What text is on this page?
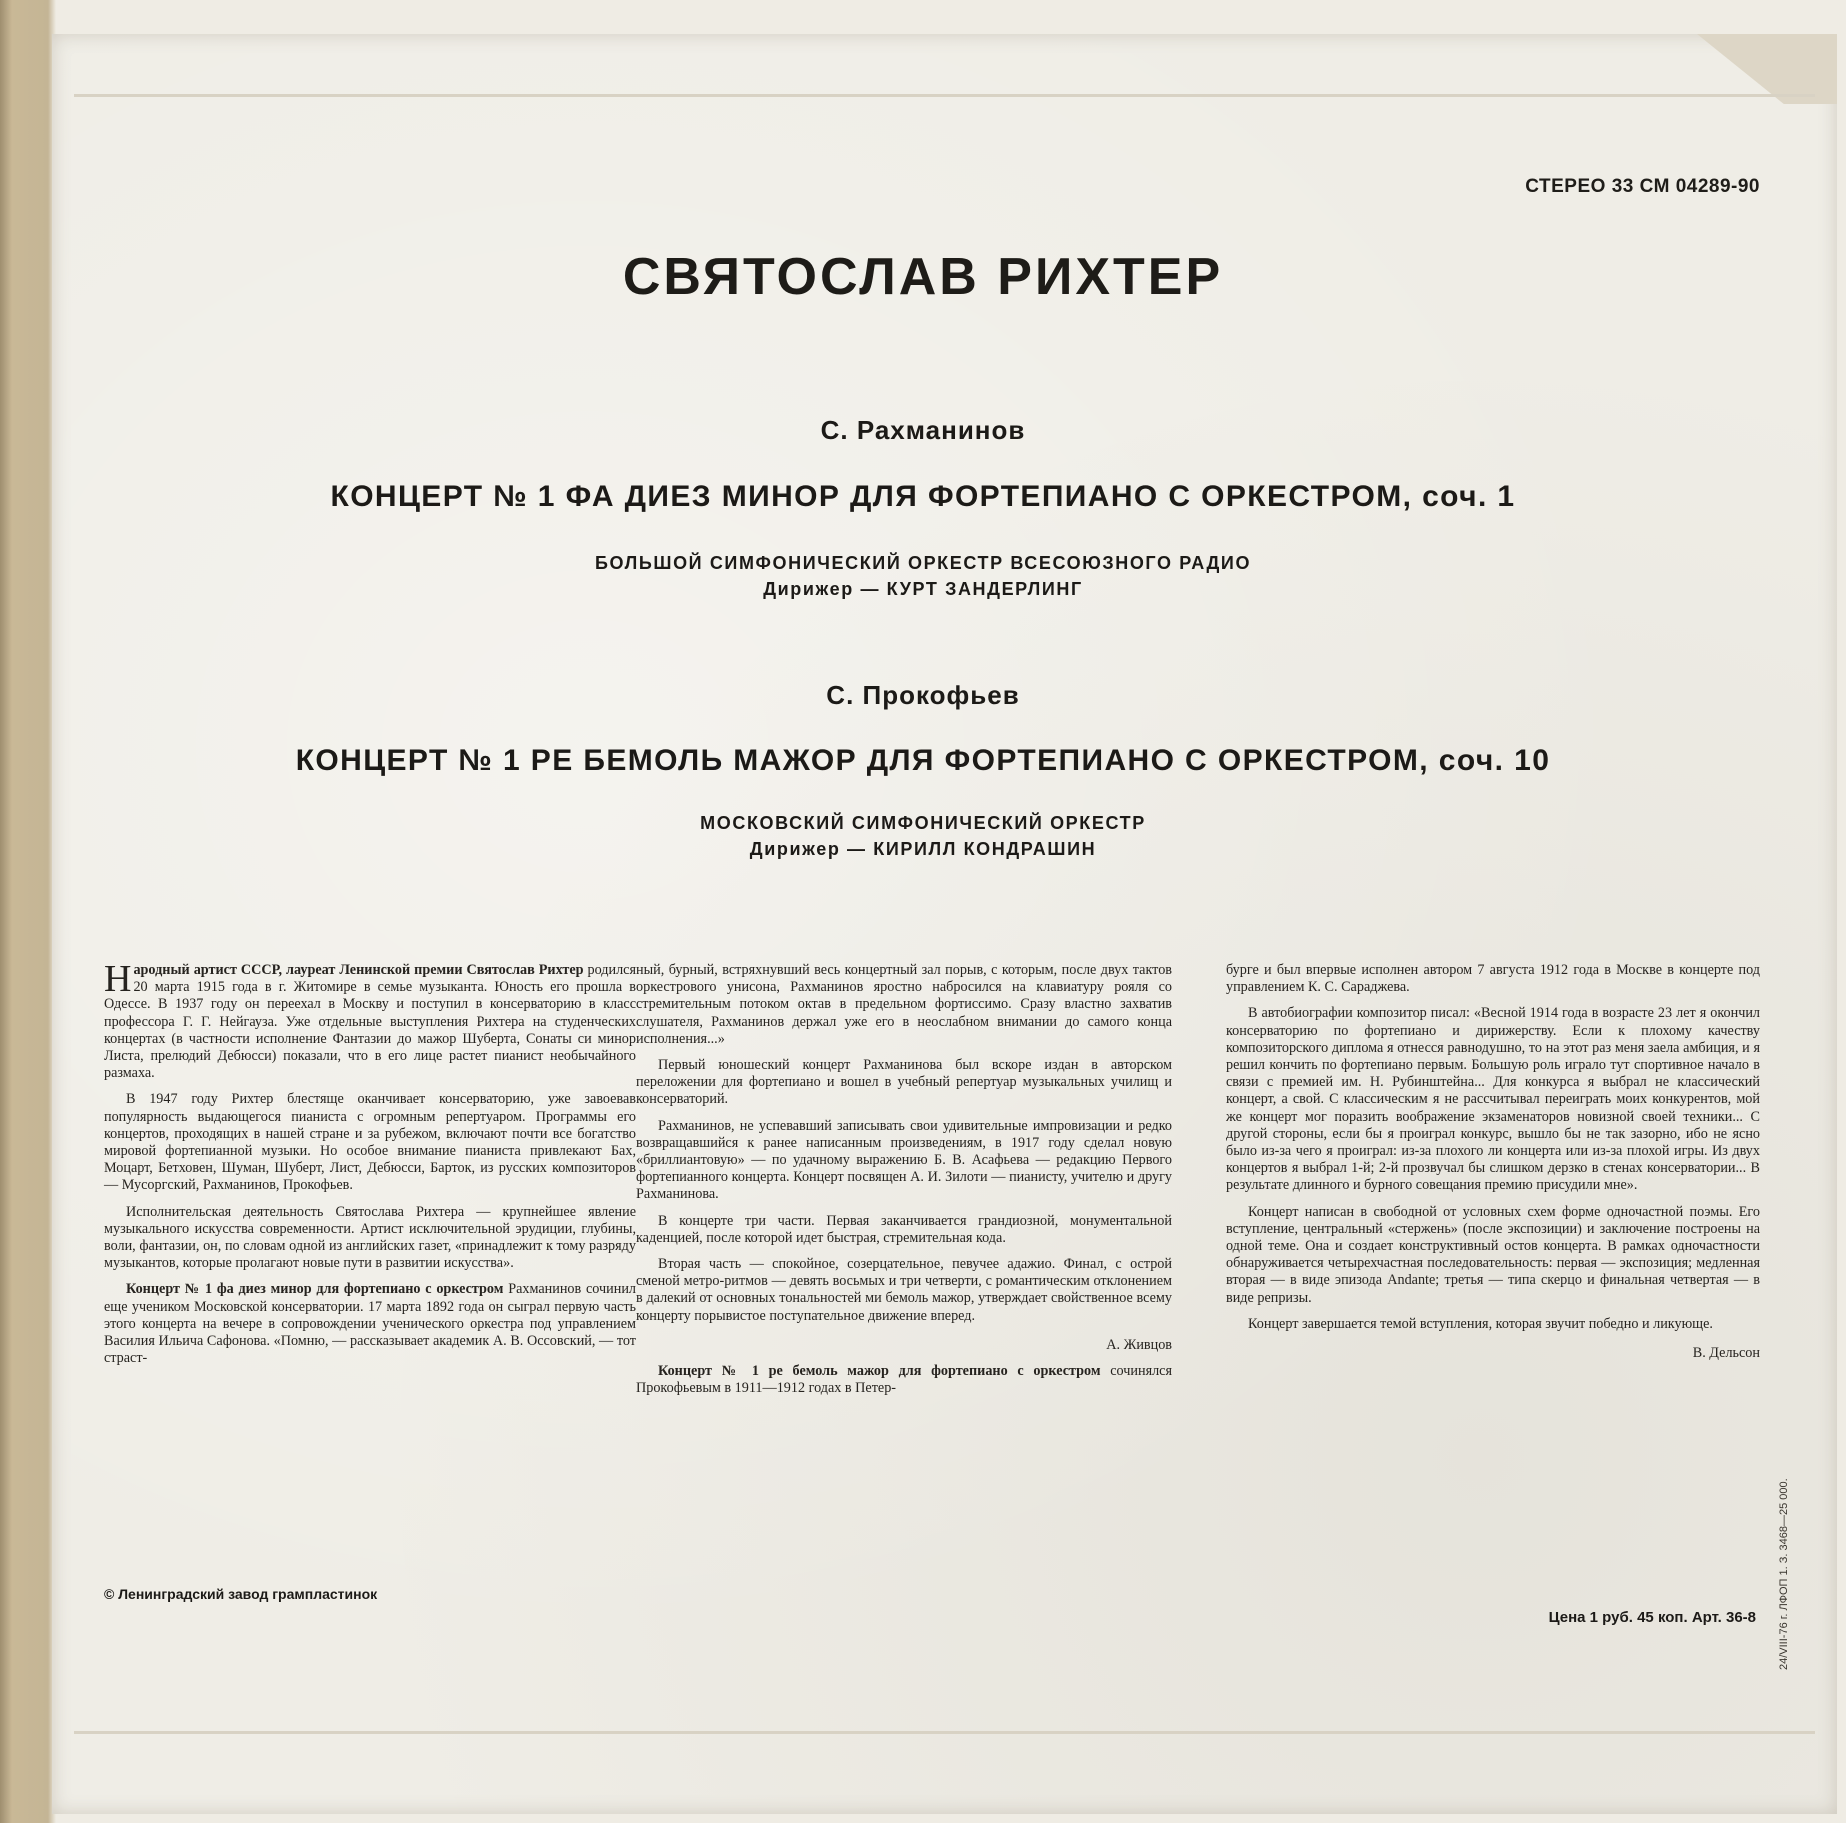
СТЕРЕО 33 СМ 04289-90
СВЯТОСЛАВ РИХТЕР
С. Рахманинов
КОНЦЕРТ № 1 ФА ДИЕЗ МИНОР ДЛЯ ФОРТЕПИАНО С ОРКЕСТРОМ, соч. 1
БОЛЬШОЙ СИМФОНИЧЕСКИЙ ОРКЕСТР ВСЕСОЮЗНОГО РАДИО
Дирижер — КУРТ ЗАНДЕРЛИНГ
С. Прокофьев
КОНЦЕРТ № 1 РЕ БЕМОЛЬ МАЖОР ДЛЯ ФОРТЕПИАНО С ОРКЕСТРОМ, соч. 10
МОСКОВСКИЙ СИМФОНИЧЕСКИЙ ОРКЕСТР
Дирижер — КИРИЛЛ КОНДРАШИН

Народный артист СССР, лауреат Ленинской премии Святослав Рихтер родился 20 марта 1915 года в г. Житомире в семье музыканта. Юность его прошла в Одессе. В 1937 году он переехал в Москву и поступил в консерваторию в класс профессора Г. Г. Нейгауза. Уже отдельные выступления Рихтера на студенческих концертах (в частности исполнение Фантазии до мажор Шуберта, Сонаты си минор Листа, прелюдий Дебюсси) показали, что в его лице растет пианист необычайного размаха.

В 1947 году Рихтер блестяще оканчивает консерваторию, уже завоевав популярность выдающегося пианиста с огромным репертуаром. Программы его концертов, проходящих в нашей стране и за рубежом, включают почти все богатство мировой фортепианной музыки. Но особое внимание пианиста привлекают Бах, Моцарт, Бетховен, Шуман, Шуберт, Лист, Дебюсси, Барток, из русских композиторов — Мусоргский, Рахманинов, Прокофьев.

Исполнительская деятельность Святослава Рихтера — крупнейшее явление музыкального искусства современности. Артист исключительной эрудиции, глубины, воли, фантазии, он, по словам одной из английских газет, «принадлежит к тому разряду музыкантов, которые пролагают новые пути в развитии искусства».

Концерт № 1 фа диез минор для фортепиано с оркестром Рахманинов сочинил еще учеником Московской консерватории. 17 марта 1892 года он сыграл первую часть этого концерта на вечере в сопровождении ученического оркестра под управлением Василия Ильича Сафонова. «Помню, — рассказывает академик А. В. Оссовский, — тот страст-

ный, бурный, встряхнувший весь концертный зал порыв, с которым, после двух тактов оркестрового унисона, Рахманинов яростно набросился на клавиатуру рояля со стремительным потоком октав в предельном фортиссимо. Сразу властно захватив слушателя, Рахманинов держал уже его в неослабном внимании до самого конца исполнения...»

Первый юношеский концерт Рахманинова был вскоре издан в авторском переложении для фортепиано и вошел в учебный репертуар музыкальных училищ и консерваторий.

Рахманинов, не успевавший записывать свои удивительные импровизации и редко возвращавшийся к ранее написанным произведениям, в 1917 году сделал новую «бриллиантовую» — по удачному выражению Б. В. Асафьева — редакцию Первого фортепианного концерта. Концерт посвящен А. И. Зилоти — пианисту, учителю и другу Рахманинова.

В концерте три части. Первая заканчивается грандиозной, монументальной каденцией, после которой идет быстрая, стремительная кода.

Вторая часть — спокойное, созерцательное, певучее адажио. Финал, с острой сменой метро-ритмов — девять восьмых и три четверти, с романтическим отклонением в далекий от основных тональностей ми бемоль мажор, утверждает свойственное всему концерту порывистое поступательное движение вперед.

А. Живцов

Концерт № 1 ре бемоль мажор для фортепиано с оркестром сочинялся Прокофьевым в 1911—1912 годах в Петер-

бурге и был впервые исполнен автором 7 августа 1912 года в Москве в концерте под управлением К. С. Сараджева.

В автобиографии композитор писал: «Весной 1914 года в возрасте 23 лет я окончил консерваторию по фортепиано и дирижерству. Если к плохому качеству композиторского диплома я отнесся равнодушно, то на этот раз меня заела амбиция, и я решил кончить по фортепиано первым. Большую роль играло тут спортивное начало в связи с премией им. Н. Рубинштейна... Для конкурса я выбрал не классический концерт, а свой. С классическим я не рассчитывал переиграть моих конкурентов, мой же концерт мог поразить воображение экзаменаторов новизной своей техники... С другой стороны, если бы я проиграл конкурс, вышло бы не так зазорно, ибо не ясно было из-за чего я проиграл: из-за плохого ли концерта или из-за плохой игры. Из двух концертов я выбрал 1-й; 2-й прозвучал бы слишком дерзко в стенах консерватории... В результате длинного и бурного совещания премию присудили мне».

Концерт написан в свободной от условных схем форме одночастной поэмы. Его вступление, центральный «стержень» (после экспозиции) и заключение построены на одной теме. Она и создает конструктивный остов концерта. В рамках одночастности обнаруживается четырехчастная последовательность: первая — экспозиция; медленная вторая — в виде эпизода Andante; третья — типа скерцо и финальная четвертая — в виде репризы.

Концерт завершается темой вступления, которая звучит победно и ликующе.

В. Дельсон

© Ленинградский завод грампластинок
Цена 1 руб. 45 коп. Арт. 36-8 24/VIII-76 г. ЛФОП 1. З. 3468—25 000.
